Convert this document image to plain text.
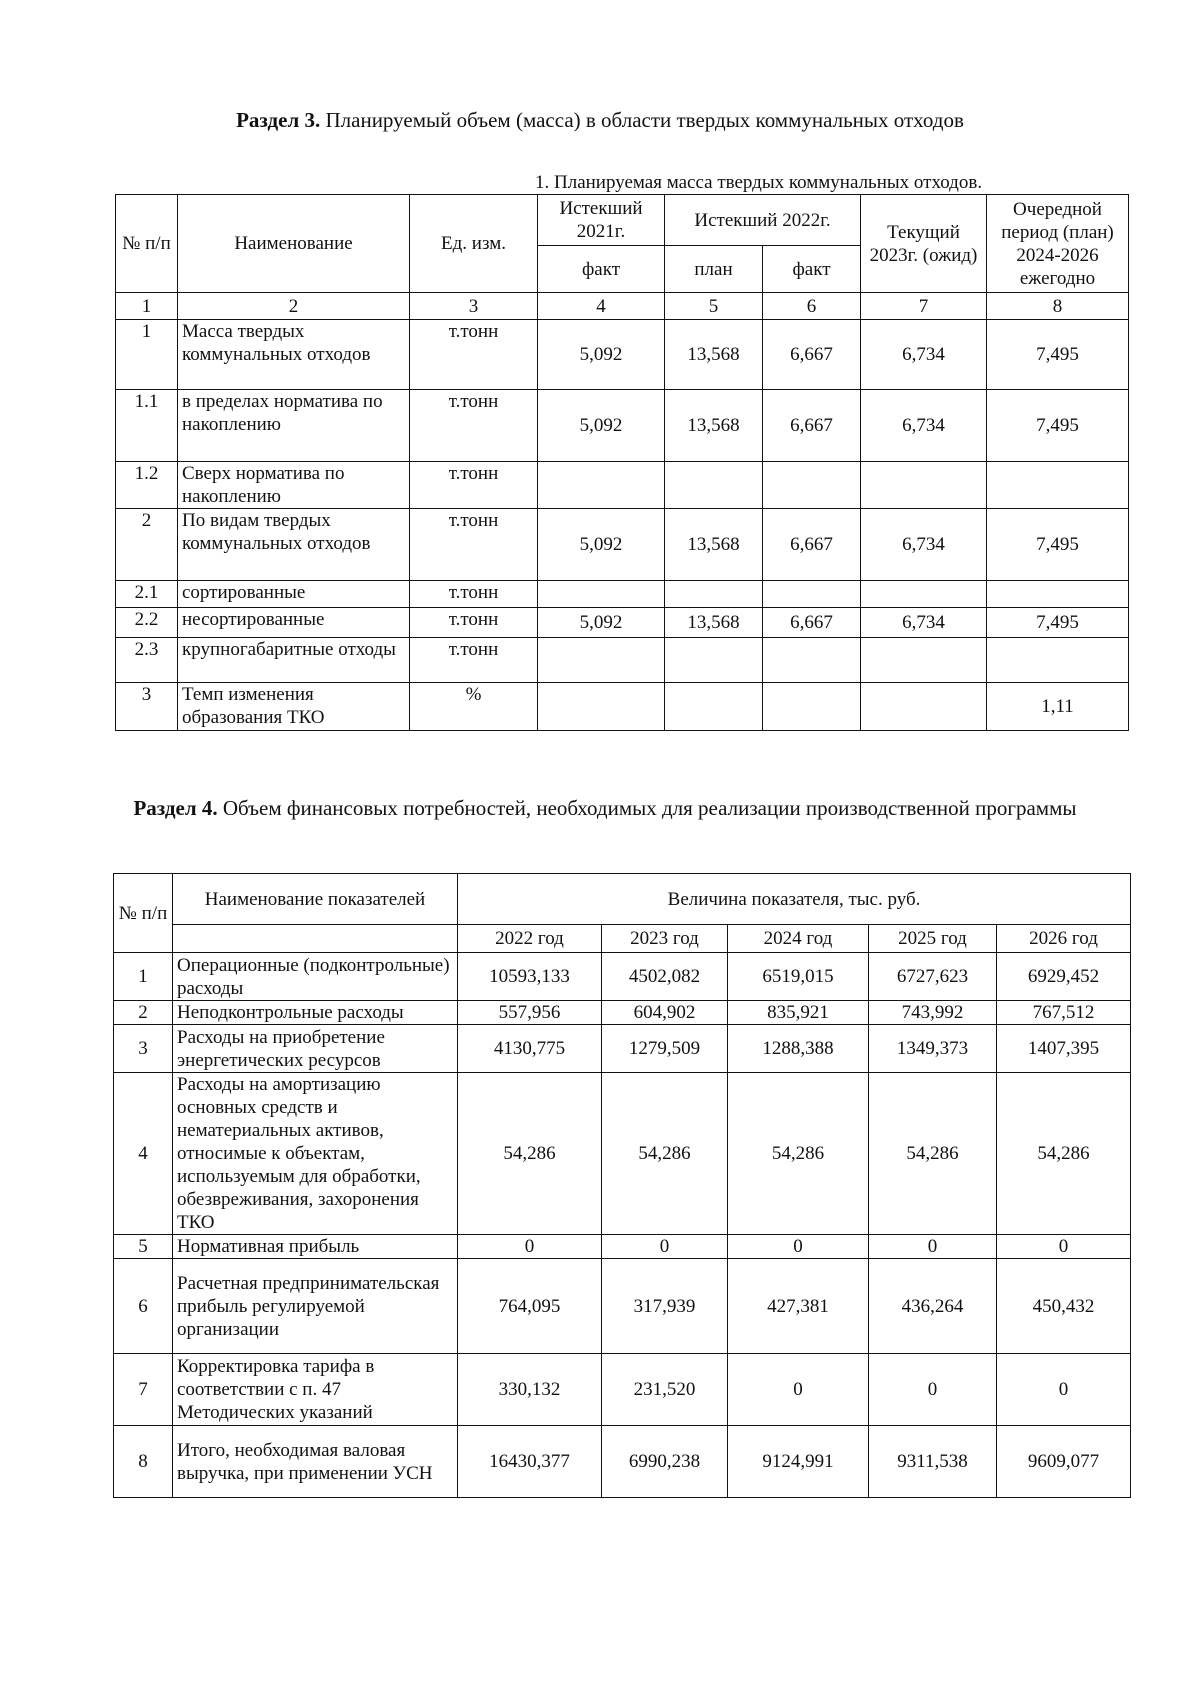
Раздел 3. Планируемый объем (масса) в области твердых коммунальных отходов
1. Планируемая масса твердых коммунальных отходов.
№ п/п	Наименование	Ед. изм.	Истекший 2021г.	Истекший 2022г.		Текущий 2023г. (ожид)	Очередной период (план) 2024-2026 ежегодно
			факт	план	факт		
1	2	3	4	5	6	7	8
1	Масса твердых коммунальных отходов	т.тонн	5,092	13,568	6,667	6,734	7,495
1.1	в пределах норматива по накоплению	т.тонн	5,092	13,568	6,667	6,734	7,495
1.2	Сверх норматива по накоплению	т.тонн					
2	По видам твердых коммунальных отходов	т.тонн	5,092	13,568	6,667	6,734	7,495
2.1	сортированные	т.тонн					
2.2	несортированные	т.тонн	5,092	13,568	6,667	6,734	7,495
2.3	крупногабаритные отходы	т.тонн					
3	Темп изменения образования ТКО	%					1,11
Раздел 4. Объем финансовых потребностей, необходимых для реализации производственной программы
№ п/п	Наименование показателей	Величина показателя, тыс. руб.				
		2022 год	2023 год	2024 год	2025 год	2026 год
1	Операционные (подконтрольные) расходы	10593,133	4502,082	6519,015	6727,623	6929,452
2	Неподконтрольные расходы	557,956	604,902	835,921	743,992	767,512
3	Расходы на приобретение энергетических ресурсов	4130,775	1279,509	1288,388	1349,373	1407,395
4	Расходы на амортизацию основных средств и нематериальных активов, относимые к объектам, используемым для обработки, обезвреживания, захоронения ТКО	54,286	54,286	54,286	54,286	54,286
5	Нормативная прибыль	0	0	0	0	0
6	Расчетная предпринимательская прибыль регулируемой организации	764,095	317,939	427,381	436,264	450,432
7	Корректировка тарифа в соответствии с п. 47 Методических указаний	330,132	231,520	0	0	0
8	Итого, необходимая валовая выручка, при применении УСН	16430,377	6990,238	9124,991	9311,538	9609,077
